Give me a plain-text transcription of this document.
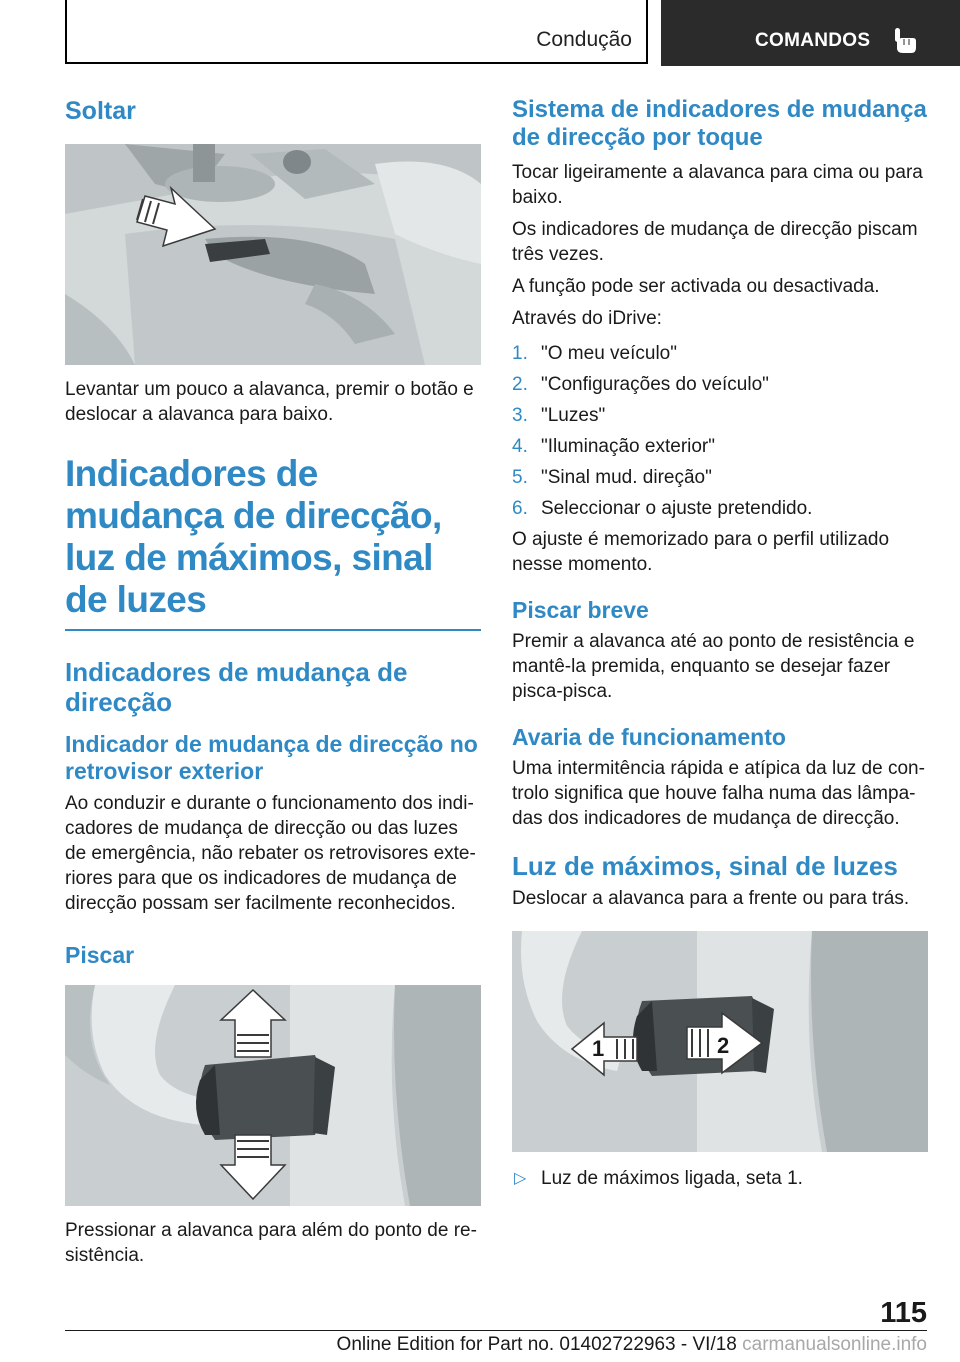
Condução	COMANDOS
Soltar

Levantar um pouco a alavanca, premir o botão e deslocar a alavanca para baixo.

Indicadores de mudança de direcção, luz de máximos, sinal de luzes
Indicadores de mudança de direcção
Indicador de mudança de direcção no retrovisor exterior

Ao conduzir e durante o funcionamento dos indicadores de mudança de direcção ou das luzes de emergência, não rebater os retrovisores exteriores para que os indicadores de mudança de direcção possam ser facilmente reconhecidos.

Piscar

Pressionar a alavanca para além do ponto de resistência.

Sistema de indicadores de mudança de direcção por toque

Tocar ligeiramente a alavanca para cima ou para baixo.

Os indicadores de mudança de direcção piscam três vezes.

A função pode ser activada ou desactivada.

Através do iDrive:

1. "O meu veículo"
2. "Configurações do veículo"
3. "Luzes"
4. "Iluminação exterior"
5. "Sinal mud. direção"
6. Seleccionar o ajuste pretendido.

O ajuste é memorizado para o perfil utilizado nesse momento.

Piscar breve

Premir a alavanca até ao ponto de resistência e mantê-la premida, enquanto se desejar fazer pisca-pisca.

Avaria de funcionamento

Uma intermitência rápida e atípica da luz de controlo significa que houve falha numa das lâmpadas dos indicadores de mudança de direcção.

Luz de máximos, sinal de luzes

Deslocar a alavanca para a frente ou para trás.

1	2
▷ Luz de máximos ligada, seta 1.
115
Online Edition for Part no. 01402722963 - VI/18 carmanualsonline.info
